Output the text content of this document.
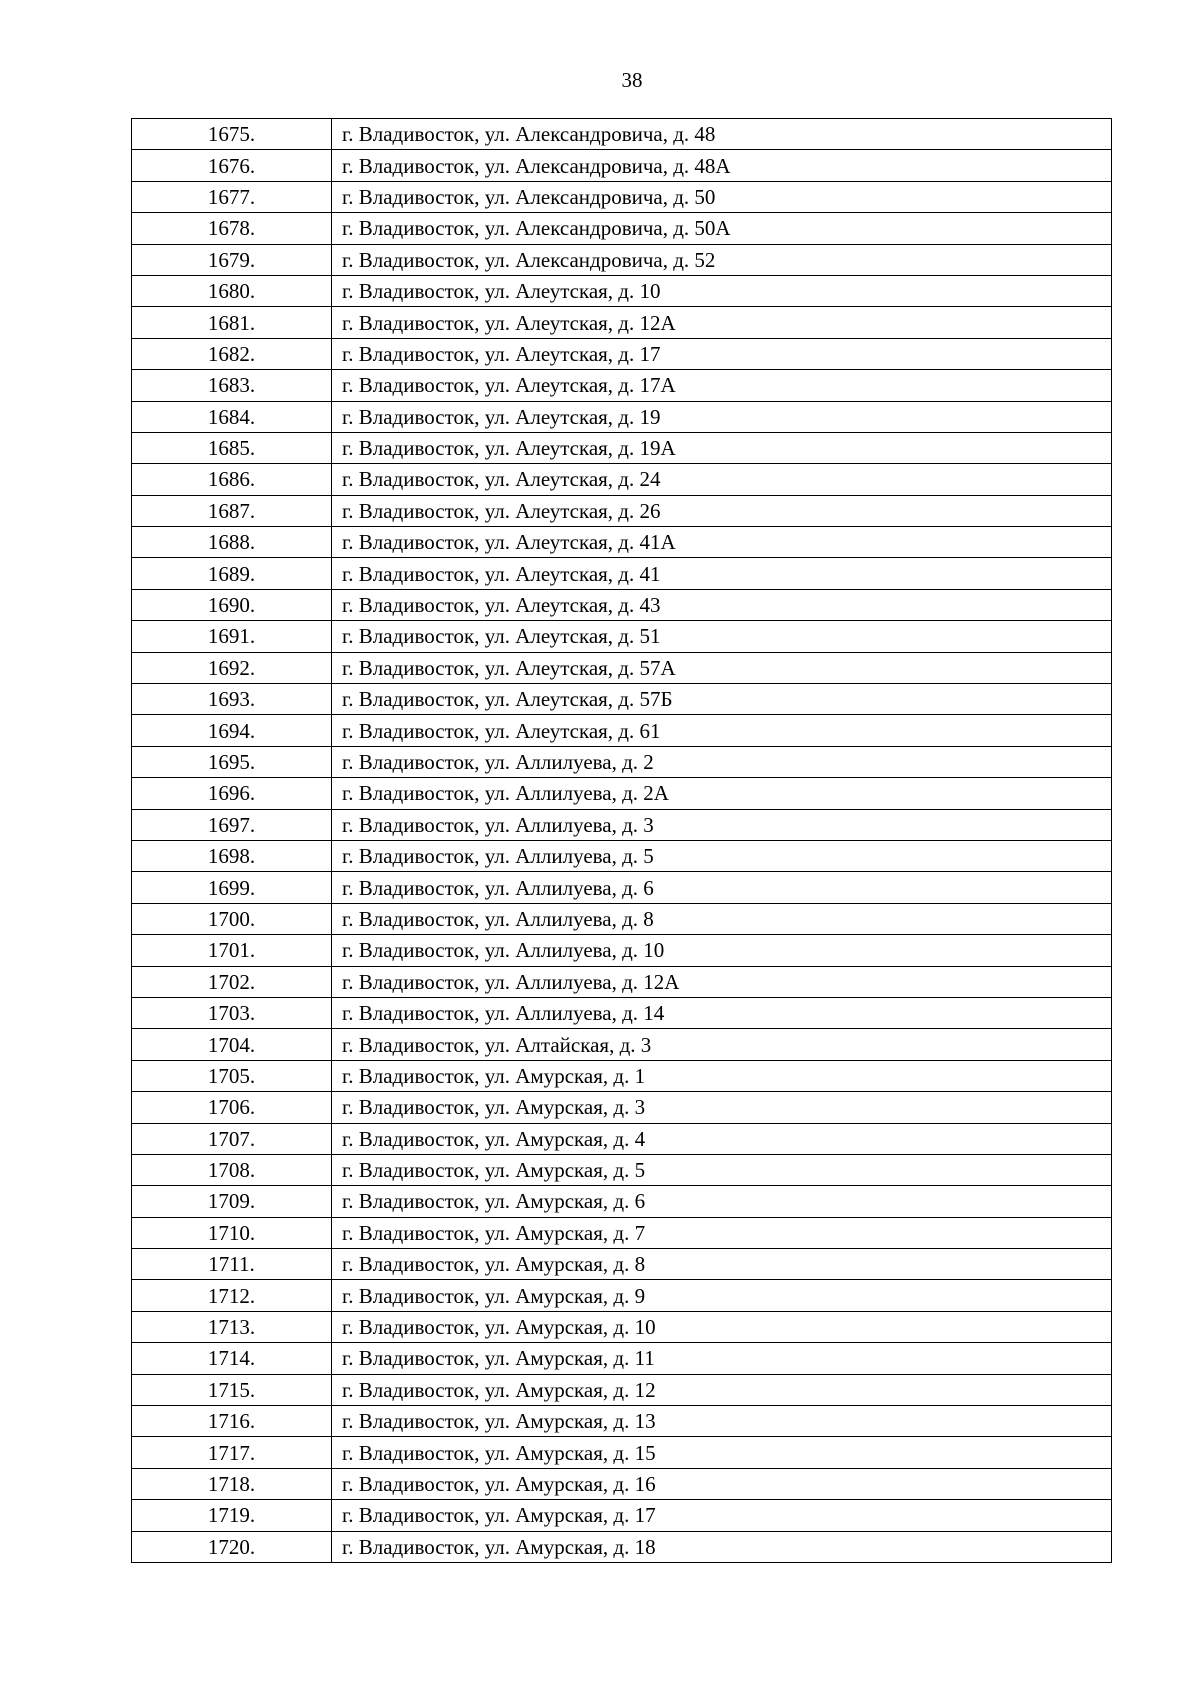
38
1675.	г. Владивосток, ул. Александровича, д. 48
1676.	г. Владивосток, ул. Александровича, д. 48А
1677.	г. Владивосток, ул. Александровича, д. 50
1678.	г. Владивосток, ул. Александровича, д. 50А
1679.	г. Владивосток, ул. Александровича, д. 52
1680.	г. Владивосток, ул. Алеутская, д. 10
1681.	г. Владивосток, ул. Алеутская, д. 12А
1682.	г. Владивосток, ул. Алеутская, д. 17
1683.	г. Владивосток, ул. Алеутская, д. 17А
1684.	г. Владивосток, ул. Алеутская, д. 19
1685.	г. Владивосток, ул. Алеутская, д. 19А
1686.	г. Владивосток, ул. Алеутская, д. 24
1687.	г. Владивосток, ул. Алеутская, д. 26
1688.	г. Владивосток, ул. Алеутская, д. 41А
1689.	г. Владивосток, ул. Алеутская, д. 41
1690.	г. Владивосток, ул. Алеутская, д. 43
1691.	г. Владивосток, ул. Алеутская, д. 51
1692.	г. Владивосток, ул. Алеутская, д. 57А
1693.	г. Владивосток, ул. Алеутская, д. 57Б
1694.	г. Владивосток, ул. Алеутская, д. 61
1695.	г. Владивосток, ул. Аллилуева, д. 2
1696.	г. Владивосток, ул. Аллилуева, д. 2А
1697.	г. Владивосток, ул. Аллилуева, д. 3
1698.	г. Владивосток, ул. Аллилуева, д. 5
1699.	г. Владивосток, ул. Аллилуева, д. 6
1700.	г. Владивосток, ул. Аллилуева, д. 8
1701.	г. Владивосток, ул. Аллилуева, д. 10
1702.	г. Владивосток, ул. Аллилуева, д. 12А
1703.	г. Владивосток, ул. Аллилуева, д. 14
1704.	г. Владивосток, ул. Алтайская, д. 3
1705.	г. Владивосток, ул. Амурская, д. 1
1706.	г. Владивосток, ул. Амурская, д. 3
1707.	г. Владивосток, ул. Амурская, д. 4
1708.	г. Владивосток, ул. Амурская, д. 5
1709.	г. Владивосток, ул. Амурская, д. 6
1710.	г. Владивосток, ул. Амурская, д. 7
1711.	г. Владивосток, ул. Амурская, д. 8
1712.	г. Владивосток, ул. Амурская, д. 9
1713.	г. Владивосток, ул. Амурская, д. 10
1714.	г. Владивосток, ул. Амурская, д. 11
1715.	г. Владивосток, ул. Амурская, д. 12
1716.	г. Владивосток, ул. Амурская, д. 13
1717.	г. Владивосток, ул. Амурская, д. 15
1718.	г. Владивосток, ул. Амурская, д. 16
1719.	г. Владивосток, ул. Амурская, д. 17
1720.	г. Владивосток, ул. Амурская, д. 18
